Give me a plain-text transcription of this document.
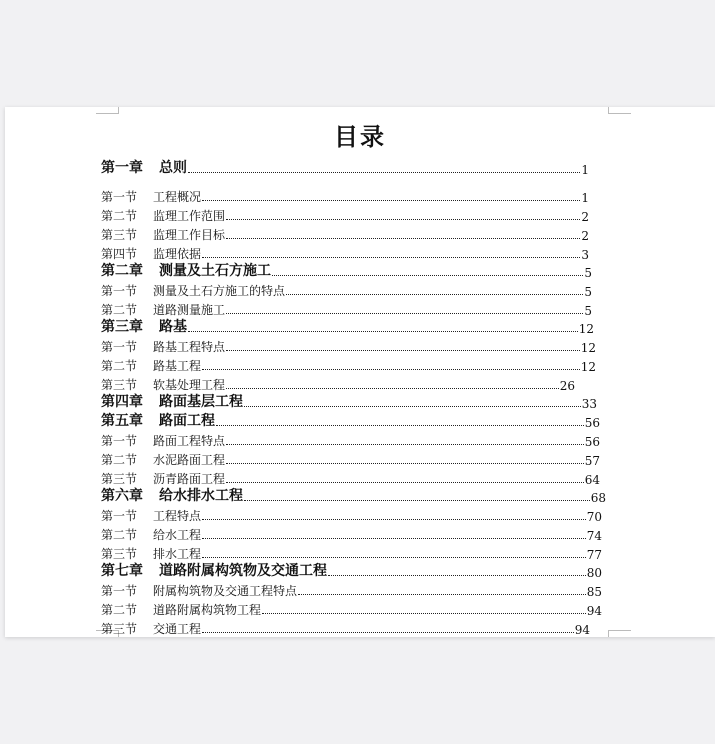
目录
第一章	总则	1
第一节	工程概况	1
第二节	监理工作范围	2
第三节	监理工作目标	2
第四节	监理依据	3
第二章	测量及土石方施工	5
第一节	测量及土石方施工的特点	5
第二节	道路测量施工	5
第三章	路基	12
第一节	路基工程特点	12
第二节	路基工程	12
第三节	软基处理工程	26
第四章	路面基层工程	33
第五章	路面工程	56
第一节	路面工程特点	56
第二节	水泥路面工程	57
第三节	沥青路面工程	64
第六章	给水排水工程	68
第一节	工程特点	70
第二节	给水工程	74
第三节	排水工程	77
第七章	道路附属构筑物及交通工程	80
第一节	附属构筑物及交通工程特点	85
第二节	道路附属构筑物工程	94
第三节	交通工程	94
